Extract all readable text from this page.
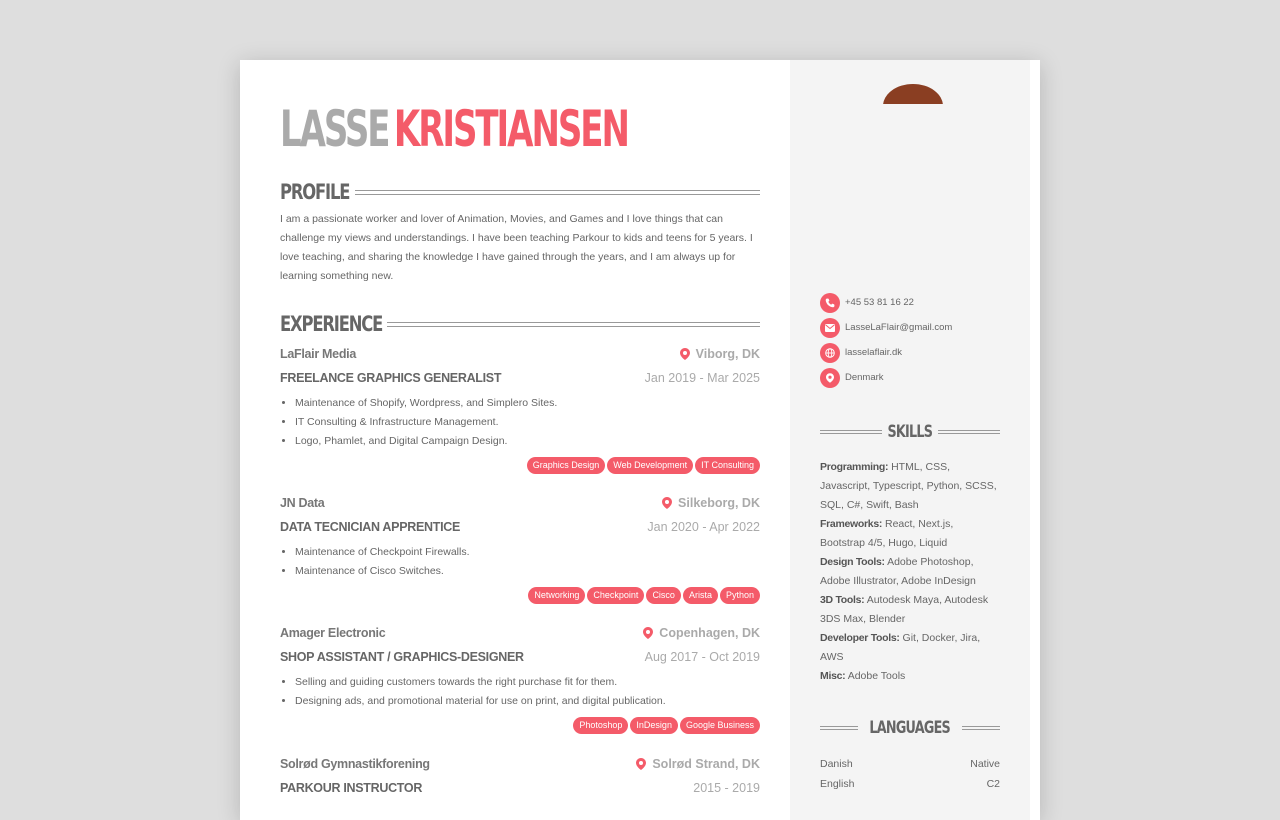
LASSE KRISTIANSEN
PROFILE

I am a passionate worker and lover of Animation, Movies, and Games and I love things that can challenge my views and understandings. I have been teaching Parkour to kids and teens for 5 years. I love teaching, and sharing the knowledge I have gained through the years, and I am always up for learning something new.

EXPERIENCE
LaFlair Media	Viborg, DK
FREELANCE GRAPHICS GENERALIST	Jan 2019 - Mar 2025
• Maintenance of Shopify, Wordpress, and Simplero Sites.
• IT Consulting & Infrastructure Management.
• Logo, Phamlet, and Digital Campaign Design.
Graphics Design	Web Development	IT Consulting
JN Data	Silkeborg, DK
DATA TECNICIAN APPRENTICE	Jan 2020 - Apr 2022
• Maintenance of Checkpoint Firewalls.
• Maintenance of Cisco Switches.
Networking	Checkpoint	Cisco	Arista	Python
Amager Electronic	Copenhagen, DK
SHOP ASSISTANT / GRAPHICS-DESIGNER	Aug 2017 - Oct 2019
• Selling and guiding customers towards the right purchase fit for them.
• Designing ads, and promotional material for use on print, and digital publication.
Photoshop	InDesign	Google Business
Solrød Gymnastikforening	Solrød Strand, DK
PARKOUR INSTRUCTOR	2015 - 2019
+45 53 81 16 22
LasseLaFlair@gmail.com
lasselaflair.dk
Denmark
SKILLS
Programming: HTML, CSS, Javascript, Typescript, Python, SCSS, SQL, C#, Swift, Bash
Frameworks: React, Next.js, Bootstrap 4/5, Hugo, Liquid
Design Tools: Adobe Photoshop, Adobe Illustrator, Adobe InDesign
3D Tools: Autodesk Maya, Autodesk 3DS Max, Blender
Developer Tools: Git, Docker, Jira, AWS
Misc: Adobe Tools
LANGUAGES
Danish	Native
English	C2
